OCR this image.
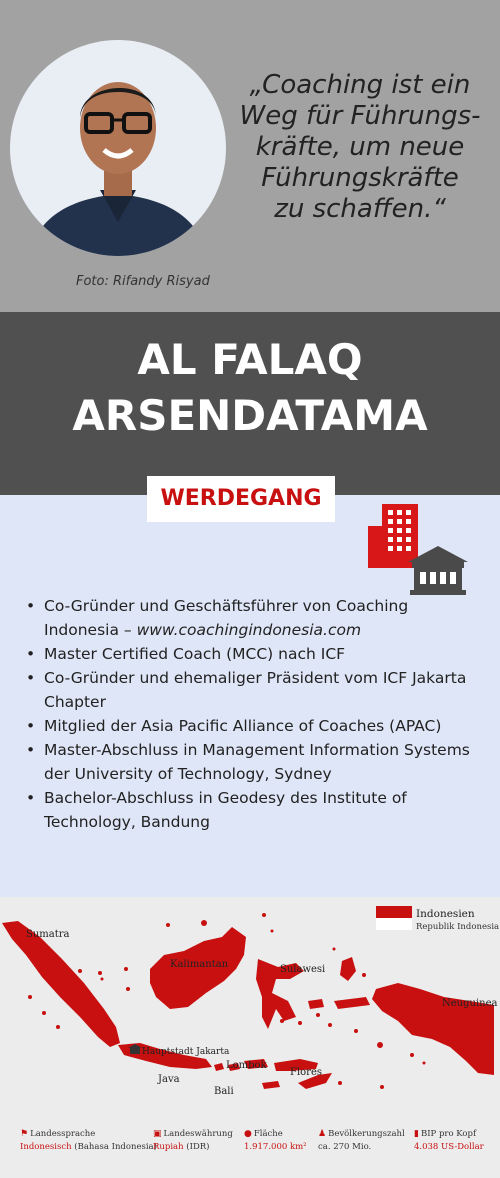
„Coaching ist ein
Weg für Führungs-
kräfte, um neue
Führungskräfte
zu schaffen.“
Foto: Rifandy Risyad
AL FALAQ
ARSENDATAMA
WERDEGANG
• Co-Gründer und Geschäftsführer von Coaching Indonesia – www.coachingindonesia.com
• Master Certified Coach (MCC) nach ICF
• Co-Gründer und ehemaliger Präsident vom ICF Jakarta Chapter
• Mitglied der Asia Pacific Alliance of Coaches (APAC)
• Master-Abschluss in Management Information Systems der University of Technology, Sydney
• Bachelor-Abschluss in Geodesy des Institute of Technology, Bandung
Sumatra
Kalimantan	Sulawesi
Neuguinea
Hauptstadt Jakarta
Lombok
Flores
Java
Bali
Indonesien
Republik Indonesia
⚑ Landessprache
Indonesisch (Bahasa Indonesia)
▣ Landeswährung
Rupiah (IDR)
● Fläche
1.917.000 km²
♟ Bevölkerungszahl
ca. 270 Mio.
▮ BIP pro Kopf
4.038 US-Dollar
